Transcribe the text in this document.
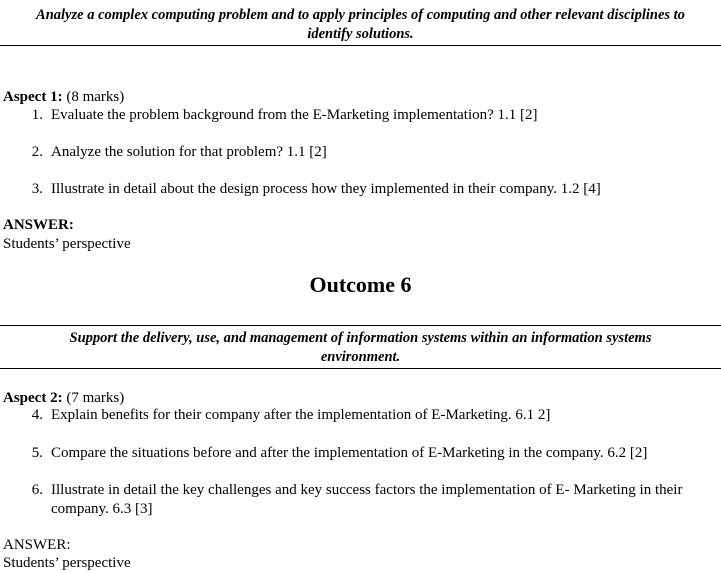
Analyze a complex computing problem and to apply principles of computing and other relevant disciplines to
identify solutions.
Aspect 1: (8 marks)
1. Evaluate the problem background from the E-Marketing implementation? 1.1 [2]
2. Analyze the solution for that problem? 1.1 [2]
3. Illustrate in detail about the design process how they implemented in their company. 1.2 [4]
ANSWER:
Students’ perspective
Outcome 6
Support the delivery, use, and management of information systems within an information systems
environment.
Aspect 2: (7 marks)
4. Explain benefits for their company after the implementation of E-Marketing. 6.1 2]
5. Compare the situations before and after the implementation of E-Marketing in the company. 6.2 [2]
6. Illustrate in detail the key challenges and key success factors the implementation of E- Marketing in their company. 6.3 [3]
ANSWER:
Students’ perspective
